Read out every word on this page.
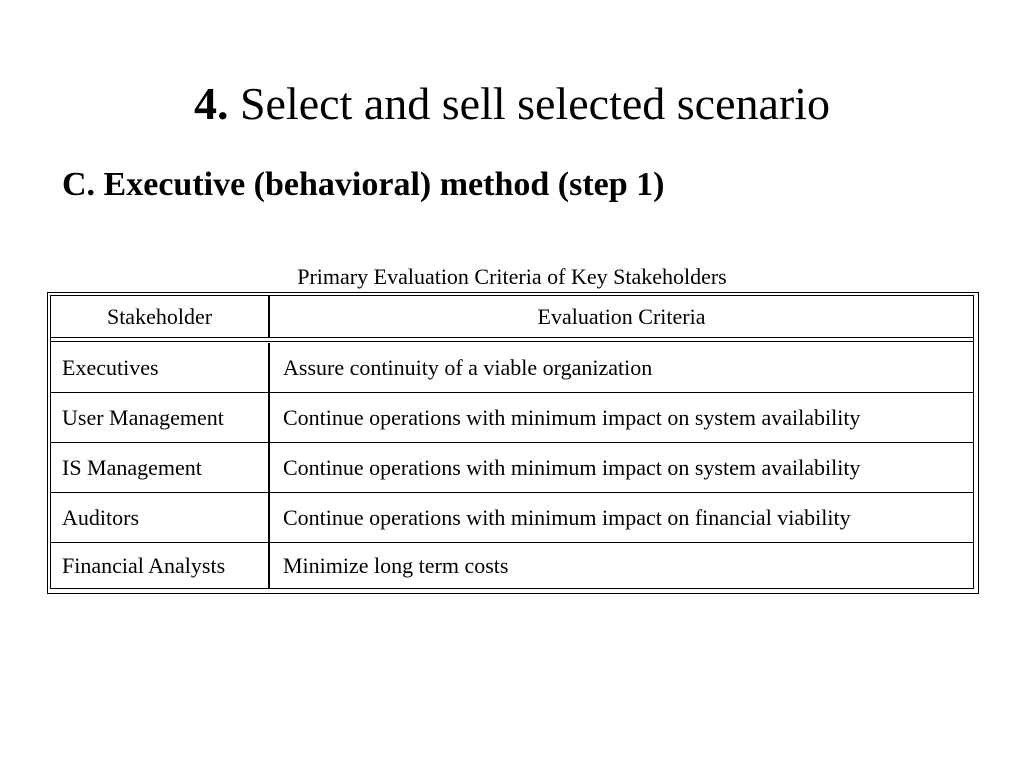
4. Select and sell selected scenario
C. Executive (behavioral) method (step 1)
Primary Evaluation Criteria of Key Stakeholders
Stakeholder	Evaluation Criteria
Executives	Assure continuity of a viable organization
User Management	Continue operations with minimum impact on system availability
IS Management	Continue operations with minimum impact on system availability
Auditors	Continue operations with minimum impact on financial viability
Financial Analysts	Minimize long term costs
